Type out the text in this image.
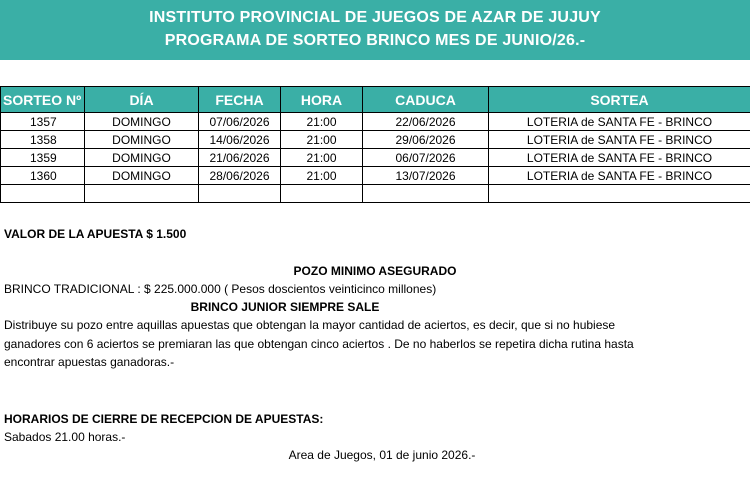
INSTITUTO PROVINCIAL DE JUEGOS DE AZAR DE JUJUY
PROGRAMA DE SORTEO BRINCO MES DE JUNIO/26.-
SORTEO Nº	DÍA	FECHA	HORA	CADUCA	SORTEA
1357	DOMINGO	07/06/2026	21:00	22/06/2026	LOTERIA de SANTA FE - BRINCO
1358	DOMINGO	14/06/2026	21:00	29/06/2026	LOTERIA de SANTA FE - BRINCO
1359	DOMINGO	21/06/2026	21:00	06/07/2026	LOTERIA de SANTA FE - BRINCO
1360	DOMINGO	28/06/2026	21:00	13/07/2026	LOTERIA de SANTA FE - BRINCO

VALOR DE LA APUESTA $ 1.500
POZO MINIMO ASEGURADO
BRINCO TRADICIONAL : $ 225.000.000 ( Pesos doscientos veinticinco millones)
BRINCO JUNIOR SIEMPRE SALE
Distribuye su pozo entre aquillas apuestas que obtengan la mayor cantidad de aciertos, es decir, que si no hubiese
ganadores con 6 aciertos se premiaran las que obtengan cinco aciertos . De no haberlos se repetira dicha rutina hasta
encontrar apuestas ganadoras.-
HORARIOS DE CIERRE DE RECEPCION DE APUESTAS:
Sabados 21.00 horas.-
Area de Juegos, 01 de junio 2026.-
